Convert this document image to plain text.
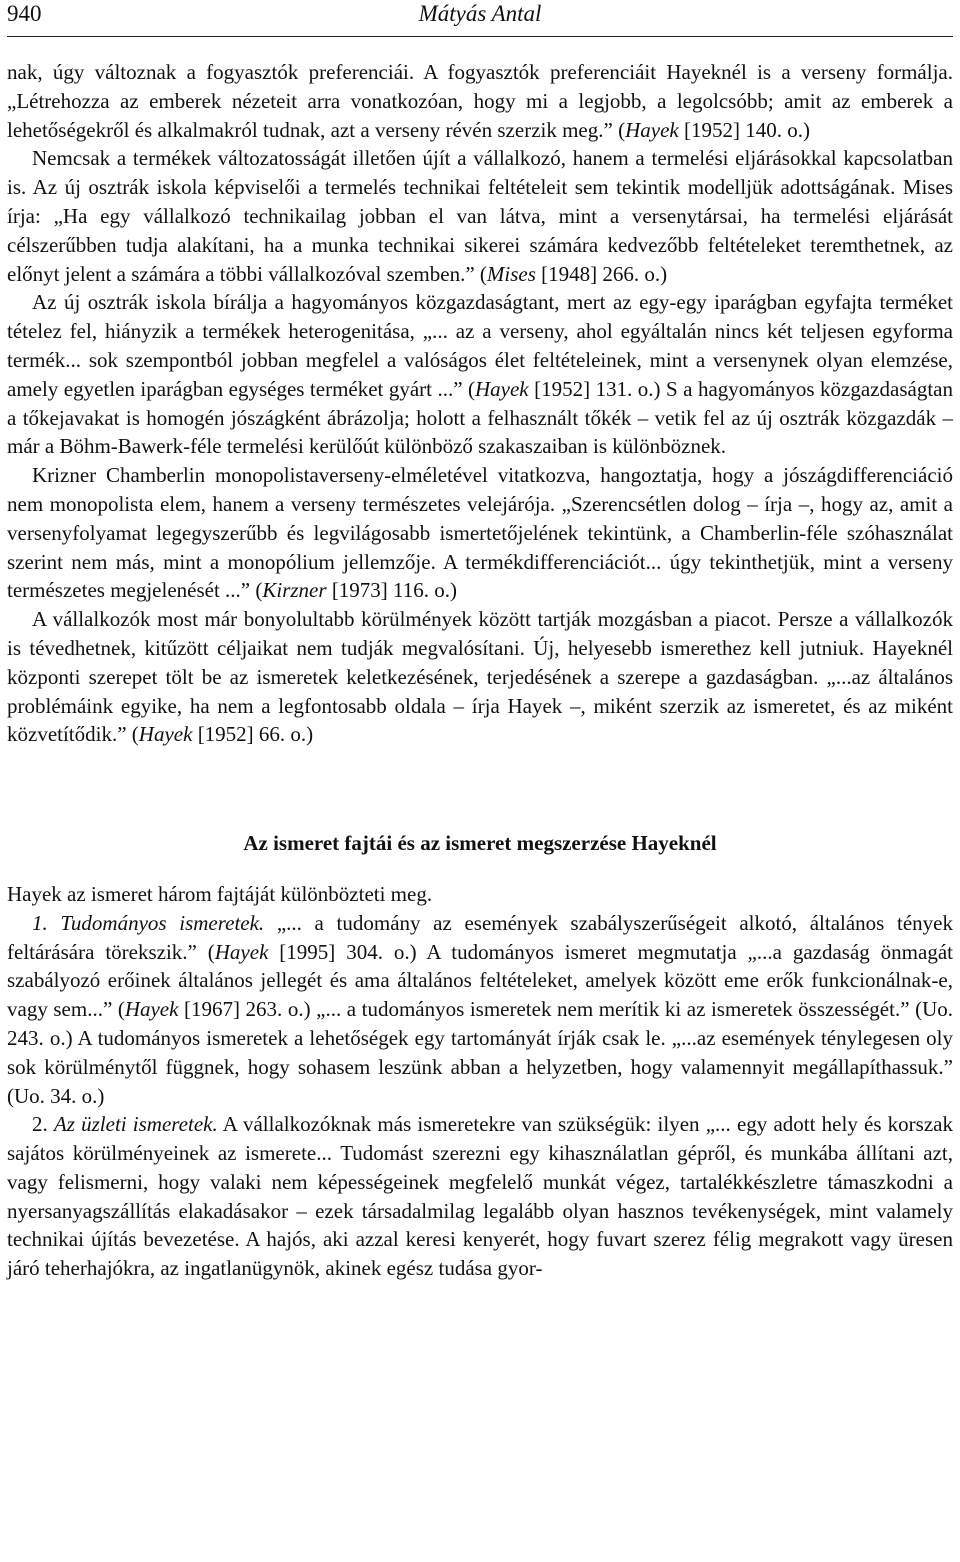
940	Mátyás Antal

nak, úgy változnak a fogyasztók preferenciái. A fogyasztók preferenciáit Hayeknél is a verseny formálja. „Létrehozza az emberek nézeteit arra vonatkozóan, hogy mi a legjobb, a legolcsóbb; amit az emberek a lehetőségekről és alkalmakról tudnak, azt a verseny révén szerzik meg.” (Hayek [1952] 140. o.)

Nemcsak a termékek változatosságát illetően újít a vállalkozó, hanem a termelési eljárásokkal kapcsolatban is. Az új osztrák iskola képviselői a termelés technikai feltételeit sem tekintik modelljük adottságának. Mises írja: „Ha egy vállalkozó technikailag jobban el van látva, mint a versenytársai, ha termelési eljárását célszerűbben tudja alakítani, ha a munka technikai sikerei számára kedvezőbb feltételeket teremthetnek, az előnyt jelent a számára a többi vállalkozóval szemben.” (Mises [1948] 266. o.)

Az új osztrák iskola bírálja a hagyományos közgazdaságtant, mert az egy-egy iparágban egyfajta terméket tételez fel, hiányzik a termékek heterogenitása, „... az a verseny, ahol egyáltalán nincs két teljesen egyforma termék... sok szempontból jobban megfelel a valóságos élet feltételeinek, mint a versenynek olyan elemzése, amely egyetlen iparágban egységes terméket gyárt ...” (Hayek [1952] 131. o.) S a hagyományos közgazdaságtan a tőkejavakat is homogén jószágként ábrázolja; holott a felhasznált tőkék – vetik fel az új osztrák közgazdák – már a Böhm-Bawerk-féle termelési kerülőút különböző szakaszaiban is különböznek.

Krizner Chamberlin monopolistaverseny-elméletével vitatkozva, hangoztatja, hogy a jószágdifferenciáció nem monopolista elem, hanem a verseny természetes velejárója. „Szerencsétlen dolog – írja –, hogy az, amit a versenyfolyamat legegyszerűbb és legvilágosabb ismertetőjelének tekintünk, a Chamberlin-féle szóhasználat szerint nem más, mint a monopólium jellemzője. A termékdifferenciációt... úgy tekinthetjük, mint a verseny természetes megjelenését ...” (Kirzner [1973] 116. o.)

A vállalkozók most már bonyolultabb körülmények között tartják mozgásban a piacot. Persze a vállalkozók is tévedhetnek, kitűzött céljaikat nem tudják megvalósítani. Új, helyesebb ismerethez kell jutniuk. Hayeknél központi szerepet tölt be az ismeretek keletkezésének, terjedésének a szerepe a gazdaságban. „...az általános problémáink egyike, ha nem a legfontosabb oldala – írja Hayek –, miként szerzik az ismeretet, és az miként közvetítődik.” (Hayek [1952] 66. o.)

Az ismeret fajtái és az ismeret megszerzése Hayeknél

Hayek az ismeret három fajtáját különbözteti meg.

1. Tudományos ismeretek. „... a tudomány az események szabályszerűségeit alkotó, általános tények feltárására törekszik.” (Hayek [1995] 304. o.) A tudományos ismeret megmutatja „...a gazdaság önmagát szabályozó erőinek általános jellegét és ama általános feltételeket, amelyek között eme erők funkcionálnak-e, vagy sem...” (Hayek [1967] 263. o.) „... a tudományos ismeretek nem merítik ki az ismeretek összességét.” (Uo. 243. o.) A tudományos ismeretek a lehetőségek egy tartományát írják csak le. „...az események ténylegesen oly sok körülménytől függnek, hogy sohasem leszünk abban a helyzetben, hogy valamennyit megállapíthassuk.” (Uo. 34. o.)

2. Az üzleti ismeretek. A vállalkozóknak más ismeretekre van szükségük: ilyen „... egy adott hely és korszak sajátos körülményeinek az ismerete... Tudomást szerezni egy kihasználatlan gépről, és munkába állítani azt, vagy felismerni, hogy valaki nem képességeinek megfelelő munkát végez, tartalékkészletre támaszkodni a nyersanyagszállítás elakadásakor – ezek társadalmilag legalább olyan hasznos tevékenységek, mint valamely technikai újítás bevezetése. A hajós, aki azzal keresi kenyerét, hogy fuvart szerez félig megrakott vagy üresen járó teherhajókra, az ingatlanügynök, akinek egész tudása gyor-
